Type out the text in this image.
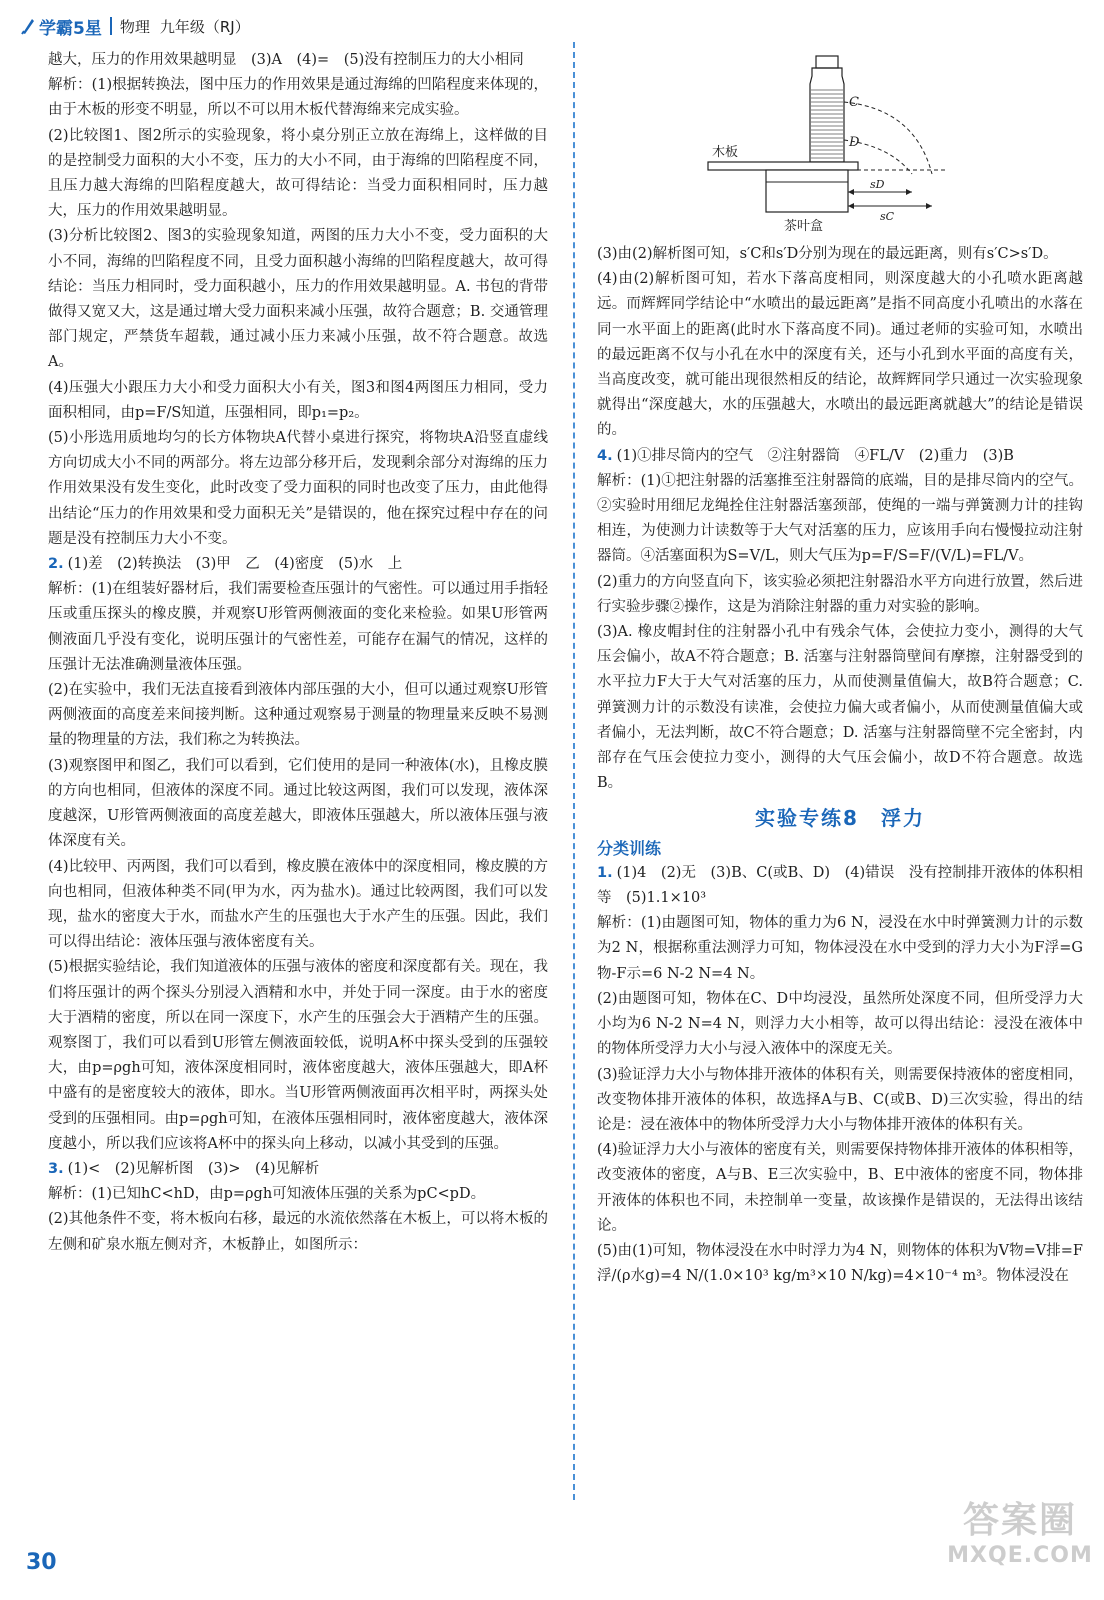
学霸5星 物理 九年级（RJ）

越大，压力的作用效果越明显　(3)A　(4)=　(5)没有控制压力的大小相同

解析：(1)根据转换法，图中压力的作用效果是通过海绵的凹陷程度来体现的，由于木板的形变不明显，所以不可以用木板代替海绵来完成实验。

(2)比较图1、图2所示的实验现象，将小桌分别正立放在海绵上，这样做的目的是控制受力面积的大小不变，压力的大小不同，由于海绵的凹陷程度不同，且压力越大海绵的凹陷程度越大，故可得结论：当受力面积相同时，压力越大，压力的作用效果越明显。

(3)分析比较图2、图3的实验现象知道，两图的压力大小不变，受力面积的大小不同，海绵的凹陷程度不同，且受力面积越小海绵的凹陷程度越大，故可得结论：当压力相同时，受力面积越小，压力的作用效果越明显。A. 书包的背带做得又宽又大，这是通过增大受力面积来减小压强，故符合题意；B. 交通管理部门规定，严禁货车超载，通过减小压力来减小压强，故不符合题意。故选A。

(4)压强大小跟压力大小和受力面积大小有关，图3和图4两图压力相同，受力面积相同，由p=F/S知道，压强相同，即p₁=p₂。

(5)小彤选用质地均匀的长方体物块A代替小桌进行探究，将物块A沿竖直虚线方向切成大小不同的两部分。将左边部分移开后，发现剩余部分对海绵的压力作用效果没有发生变化，此时改变了受力面积的同时也改变了压力，由此他得出结论“压力的作用效果和受力面积无关”是错误的，他在探究过程中存在的问题是没有控制压力大小不变。

2. (1)差　(2)转换法　(3)甲　乙　(4)密度　(5)水　上

解析：(1)在组装好器材后，我们需要检查压强计的气密性。可以通过用手指轻压或重压探头的橡皮膜，并观察U形管两侧液面的变化来检验。如果U形管两侧液面几乎没有变化，说明压强计的气密性差，可能存在漏气的情况，这样的压强计无法准确测量液体压强。

(2)在实验中，我们无法直接看到液体内部压强的大小，但可以通过观察U形管两侧液面的高度差来间接判断。这种通过观察易于测量的物理量来反映不易测量的物理量的方法，我们称之为转换法。

(3)观察图甲和图乙，我们可以看到，它们使用的是同一种液体(水)，且橡皮膜的方向也相同，但液体的深度不同。通过比较这两图，我们可以发现，液体深度越深，U形管两侧液面的高度差越大，即液体压强越大，所以液体压强与液体深度有关。

(4)比较甲、丙两图，我们可以看到，橡皮膜在液体中的深度相同，橡皮膜的方向也相同，但液体种类不同(甲为水，丙为盐水)。通过比较两图，我们可以发现，盐水的密度大于水，而盐水产生的压强也大于水产生的压强。因此，我们可以得出结论：液体压强与液体密度有关。

(5)根据实验结论，我们知道液体的压强与液体的密度和深度都有关。现在，我们将压强计的两个探头分别浸入酒精和水中，并处于同一深度。由于水的密度大于酒精的密度，所以在同一深度下，水产生的压强会大于酒精产生的压强。观察图丁，我们可以看到U形管左侧液面较低，说明A杯中探头受到的压强较大，由p=ρgh可知，液体深度相同时，液体密度越大，液体压强越大，即A杯中盛有的是密度较大的液体，即水。当U形管两侧液面再次相平时，两探头处受到的压强相同。由p=ρgh可知，在液体压强相同时，液体密度越大，液体深度越小，所以我们应该将A杯中的探头向上移动，以减小其受到的压强。

3. (1)<　(2)见解析图　(3)>　(4)见解析

解析：(1)已知hC<hD，由p=ρgh可知液体压强的关系为pC<pD。

(2)其他条件不变，将木板向右移，最远的水流依然落在木板上，可以将木板的左侧和矿泉水瓶左侧对齐，木板静止，如图所示：

C
D
木板
sD
sC
茶叶盒

(3)由(2)解析图可知，s′C和s′D分别为现在的最远距离，则有s′C>s′D。

(4)由(2)解析图可知，若水下落高度相同，则深度越大的小孔喷水距离越远。而辉辉同学结论中“水喷出的最远距离”是指不同高度小孔喷出的水落在同一水平面上的距离(此时水下落高度不同)。通过老师的实验可知，水喷出的最远距离不仅与小孔在水中的深度有关，还与小孔到水平面的高度有关，当高度改变，就可能出现很然相反的结论，故辉辉同学只通过一次实验现象就得出“深度越大，水的压强越大，水喷出的最远距离就越大”的结论是错误的。

4. (1)①排尽筒内的空气　②注射器筒　④FL/V　(2)重力　(3)B

解析：(1)①把注射器的活塞推至注射器筒的底端，目的是排尽筒内的空气。②实验时用细尼龙绳拴住注射器活塞颈部，使绳的一端与弹簧测力计的挂钩相连，为使测力计读数等于大气对活塞的压力，应该用手向右慢慢拉动注射器筒。④活塞面积为S=V/L，则大气压为p=F/S=F/(V/L)=FL/V。

(2)重力的方向竖直向下，该实验必须把注射器沿水平方向进行放置，然后进行实验步骤②操作，这是为消除注射器的重力对实验的影响。

(3)A. 橡皮帽封住的注射器小孔中有残余气体，会使拉力变小，测得的大气压会偏小，故A不符合题意；B. 活塞与注射器筒壁间有摩擦，注射器受到的水平拉力F大于大气对活塞的压力，从而使测量值偏大，故B符合题意；C. 弹簧测力计的示数没有读准，会使拉力偏大或者偏小，从而使测量值偏大或者偏小，无法判断，故C不符合题意；D. 活塞与注射器筒壁不完全密封，内部存在气压会使拉力变小，测得的大气压会偏小，故D不符合题意。故选B。

实验专练8　浮力
分类训练

1. (1)4　(2)无　(3)B、C(或B、D)　(4)错误　没有控制排开液体的体积相等　(5)1.1×10³

解析：(1)由题图可知，物体的重力为6 N，浸没在水中时弹簧测力计的示数为2 N，根据称重法测浮力可知，物体浸没在水中受到的浮力大小为F浮=G物-F示=6 N-2 N=4 N。

(2)由题图可知，物体在C、D中均浸没，虽然所处深度不同，但所受浮力大小均为6 N-2 N=4 N，则浮力大小相等，故可以得出结论：浸没在液体中的物体所受浮力大小与浸入液体中的深度无关。

(3)验证浮力大小与物体排开液体的体积有关，则需要保持液体的密度相同，改变物体排开液体的体积，故选择A与B、C(或B、D)三次实验，得出的结论是：浸在液体中的物体所受浮力大小与物体排开液体的体积有关。

(4)验证浮力大小与液体的密度有关，则需要保持物体排开液体的体积相等，改变液体的密度，A与B、E三次实验中，B、E中液体的密度不同，物体排开液体的体积也不同，未控制单一变量，故该操作是错误的，无法得出该结论。

(5)由(1)可知，物体浸没在水中时浮力为4 N，则物体的体积为V物=V排=F浮/(ρ水g)=4 N/(1.0×10³ kg/m³×10 N/kg)=4×10⁻⁴ m³。物体浸没在

30
答案圈
MXQE.COM
